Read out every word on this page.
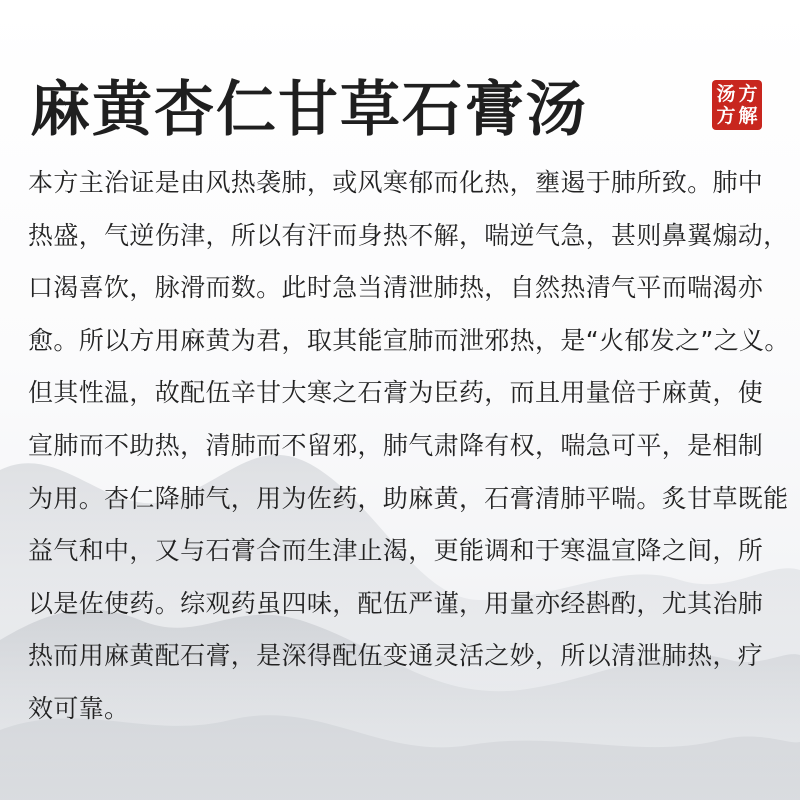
麻黄杏仁甘草石膏汤	汤 方
方 解
本方主治证是由风热袭肺，或风寒郁而化热，壅遏于肺所致。肺中
热盛，气逆伤津，所以有汗而身热不解，喘逆气急，甚则鼻翼煽动，
口渴喜饮，脉滑而数。此时急当清泄肺热，自然热清气平而喘渴亦
愈。所以方用麻黄为君，取其能宣肺而泄邪热，是“火郁发之”之义。
但其性温，故配伍辛甘大寒之石膏为臣药，而且用量倍于麻黄，使
宣肺而不助热，清肺而不留邪，肺气肃降有权，喘急可平，是相制
为用。杏仁降肺气，用为佐药，助麻黄，石膏清肺平喘。炙甘草既能
益气和中，又与石膏合而生津止渴，更能调和于寒温宣降之间，所
以是佐使药。综观药虽四味，配伍严谨，用量亦经斟酌，尤其治肺
热而用麻黄配石膏，是深得配伍变通灵活之妙，所以清泄肺热，疗
效可靠。
